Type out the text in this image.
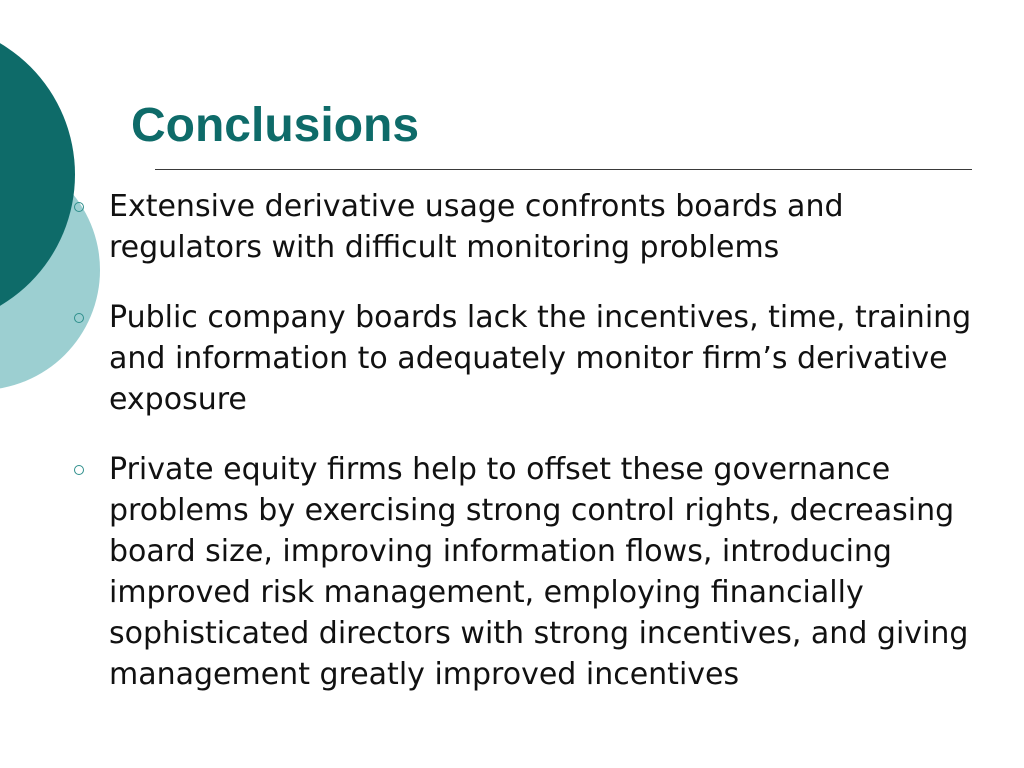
Conclusions
Extensive derivative usage confronts boards and regulators with difficult monitoring problems
Public company boards lack the incentives, time, training and information to adequately monitor firm’s derivative exposure
Private equity firms help to offset these governance problems by exercising strong control rights, decreasing board size, improving information flows, introducing improved risk management, employing financially sophisticated directors with strong incentives, and giving management greatly improved incentives
